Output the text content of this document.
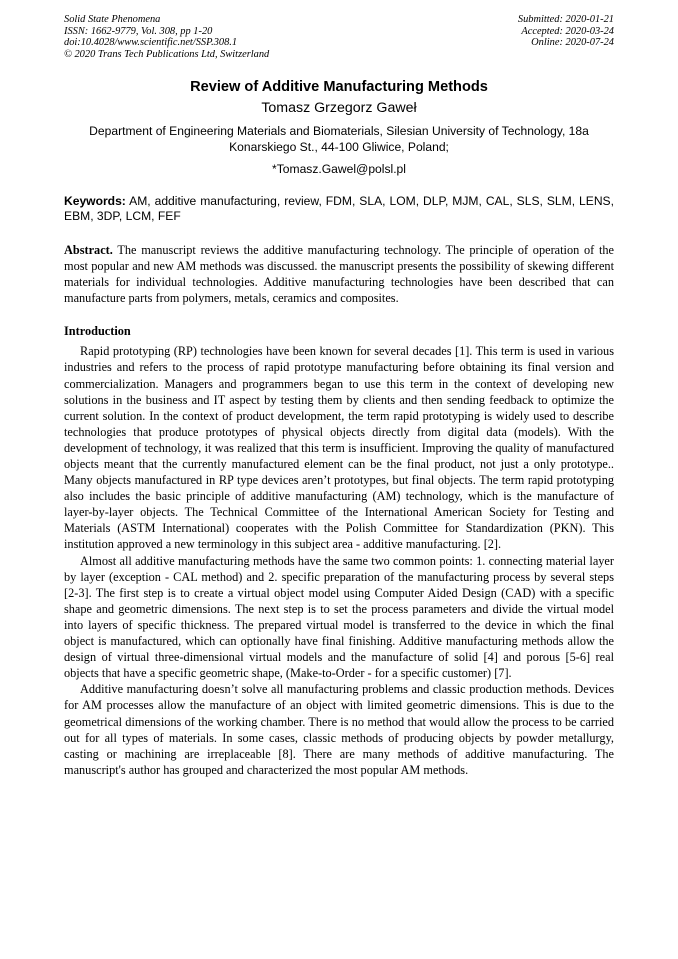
Solid State Phenomena
ISSN: 1662-9779, Vol. 308, pp 1-20
doi:10.4028/www.scientific.net/SSP.308.1
© 2020 Trans Tech Publications Ltd, Switzerland
Submitted: 2020-01-21
Accepted: 2020-03-24
Online: 2020-07-24
Review of Additive Manufacturing Methods
Tomasz Grzegorz Gaweł
Department of Engineering Materials and Biomaterials, Silesian University of Technology, 18a
Konarskiego St., 44-100 Gliwice, Poland;
*Tomasz.Gawel@polsl.pl
Keywords: AM, additive manufacturing, review, FDM, SLA, LOM, DLP, MJM, CAL, SLS, SLM, LENS, EBM, 3DP, LCM, FEF
Abstract. The manuscript reviews the additive manufacturing technology. The principle of operation of the most popular and new AM methods was discussed. the manuscript presents the possibility of skewing different materials for individual technologies. Additive manufacturing technologies have been described that can manufacture parts from polymers, metals, ceramics and composites.
Introduction

Rapid prototyping (RP) technologies have been known for several decades [1]. This term is used in various industries and refers to the process of rapid prototype manufacturing before obtaining its final version and commercialization. Managers and programmers began to use this term in the context of developing new solutions in the business and IT aspect by testing them by clients and then sending feedback to optimize the current solution. In the context of product development, the term rapid prototyping is widely used to describe technologies that produce prototypes of physical objects directly from digital data (models). With the development of technology, it was realized that this term is insufficient. Improving the quality of manufactured objects meant that the currently manufactured element can be the final product, not just a only prototype.. Many objects manufactured in RP type devices aren’t prototypes, but final objects. The term rapid prototyping also includes the basic principle of additive manufacturing (AM) technology, which is the manufacture of layer-by-layer objects. The Technical Committee of the International American Society for Testing and Materials (ASTM International) cooperates with the Polish Committee for Standardization (PKN). This institution approved a new terminology in this subject area - additive manufacturing. [2].

Almost all additive manufacturing methods have the same two common points: 1. connecting material layer by layer (exception - CAL method) and 2. specific preparation of the manufacturing process by several steps [2-3]. The first step is to create a virtual object model using Computer Aided Design (CAD) with a specific shape and geometric dimensions. The next step is to set the process parameters and divide the virtual model into layers of specific thickness. The prepared virtual model is transferred to the device in which the final object is manufactured, which can optionally have final finishing. Additive manufacturing methods allow the design of virtual three-dimensional virtual models and the manufacture of solid [4] and porous [5-6] real objects that have a specific geometric shape, (Make-to-Order - for a specific customer) [7].

Additive manufacturing doesn’t solve all manufacturing problems and classic production methods. Devices for AM processes allow the manufacture of an object with limited geometric dimensions. This is due to the geometrical dimensions of the working chamber. There is no method that would allow the process to be carried out for all types of materials. In some cases, classic methods of producing objects by powder metallurgy, casting or machining are irreplaceable [8]. There are many methods of additive manufacturing. The manuscript's author has grouped and characterized the most popular AM methods.
